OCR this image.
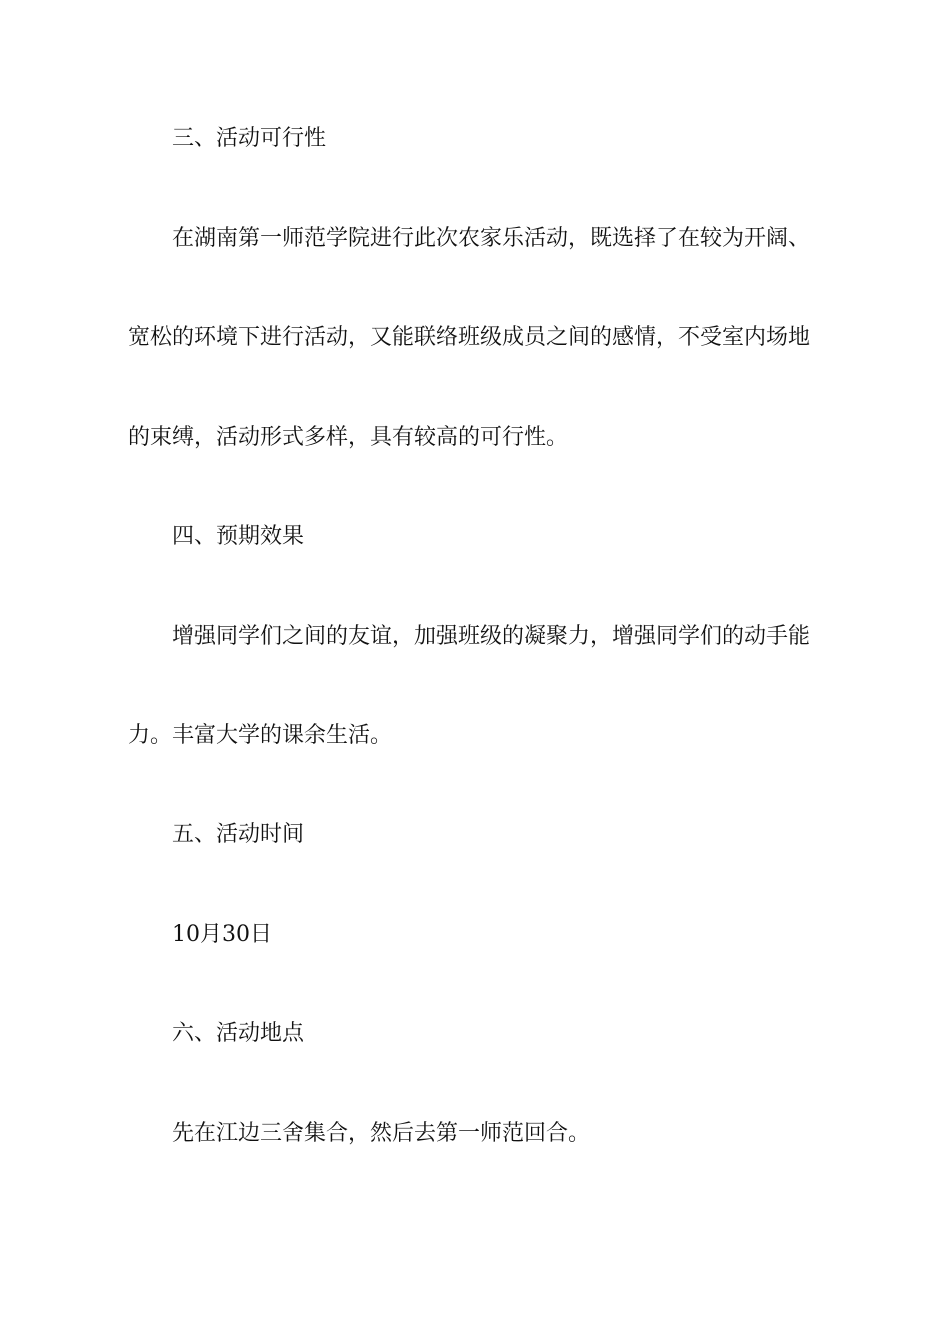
三、活动可行性
在湖南第一师范学院进行此次农家乐活动，既选择了在较为开阔、
宽松的环境下进行活动，又能联络班级成员之间的感情，不受室内场地
的束缚，活动形式多样，具有较高的可行性。
四、预期效果
增强同学们之间的友谊，加强班级的凝聚力，增强同学们的动手能
力。丰富大学的课余生活。
五、活动时间
10月30日
六、活动地点
先在江边三舍集合，然后去第一师范回合。
